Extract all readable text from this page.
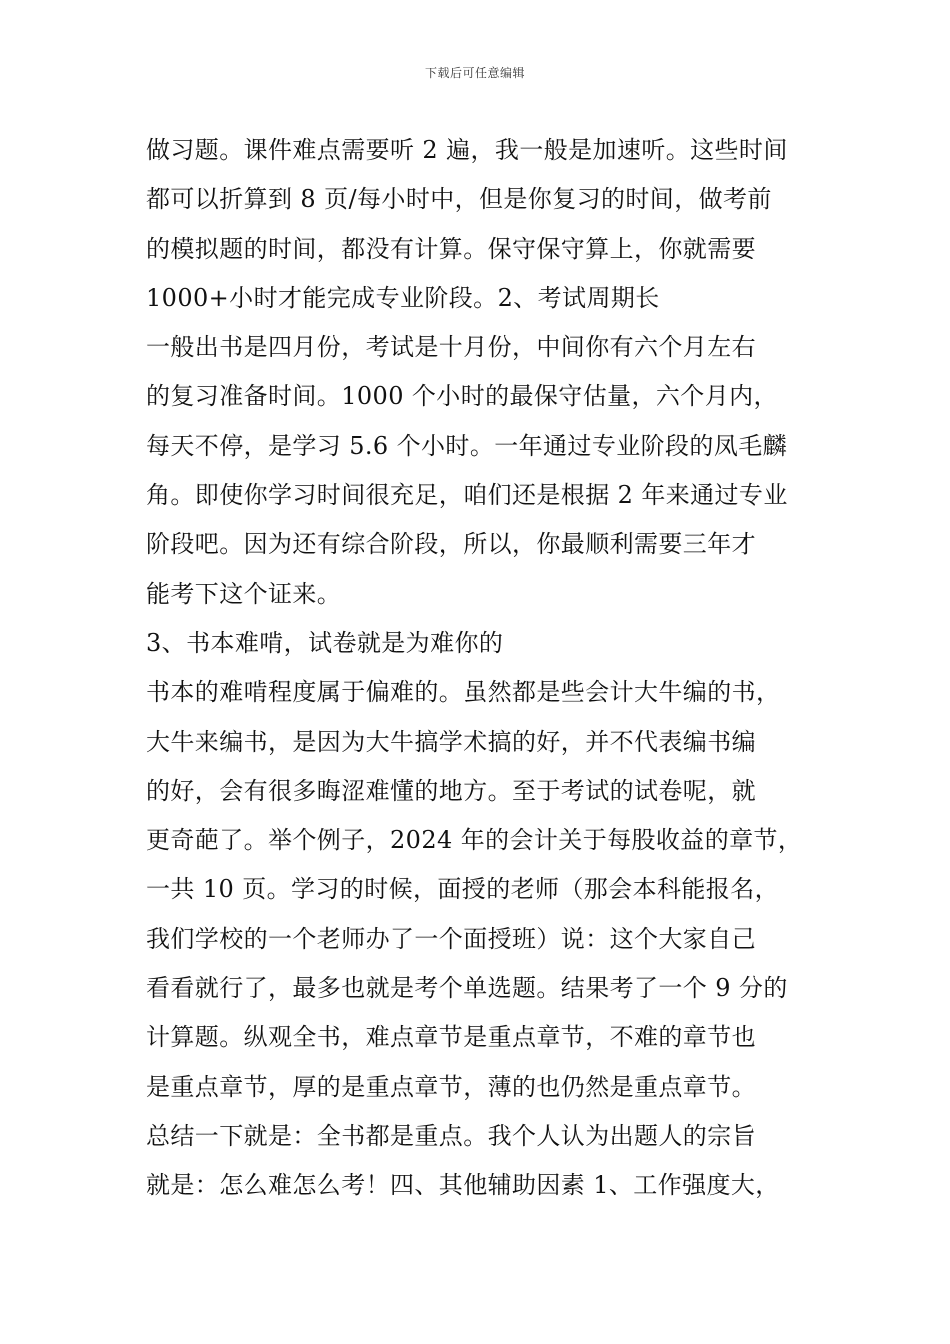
下载后可任意编辑
做习题。课件难点需要听 2 遍，我一般是加速听。这些时间
都可以折算到 8 页/每小时中，但是你复习的时间，做考前
的模拟题的时间，都没有计算。保守保守算上，你就需要
1000+小时才能完成专业阶段。2、考试周期长
一般出书是四月份，考试是十月份，中间你有六个月左右
的复习准备时间。1000 个小时的最保守估量，六个月内，
每天不停，是学习 5.6 个小时。一年通过专业阶段的凤毛麟
角。即使你学习时间很充足，咱们还是根据 2 年来通过专业
阶段吧。因为还有综合阶段，所以，你最顺利需要三年才
能考下这个证来。
3、书本难啃，试卷就是为难你的
书本的难啃程度属于偏难的。虽然都是些会计大牛编的书，
大牛来编书，是因为大牛搞学术搞的好，并不代表编书编
的好，会有很多晦涩难懂的地方。至于考试的试卷呢，就
更奇葩了。举个例子，2024 年的会计关于每股收益的章节，
一共 10 页。学习的时候，面授的老师（那会本科能报名，
我们学校的一个老师办了一个面授班）说：这个大家自己
看看就行了，最多也就是考个单选题。结果考了一个 9 分的
计算题。纵观全书，难点章节是重点章节，不难的章节也
是重点章节，厚的是重点章节，薄的也仍然是重点章节。
总结一下就是：全书都是重点。我个人认为出题人的宗旨
就是：怎么难怎么考！四、其他辅助因素 1、工作强度大，
